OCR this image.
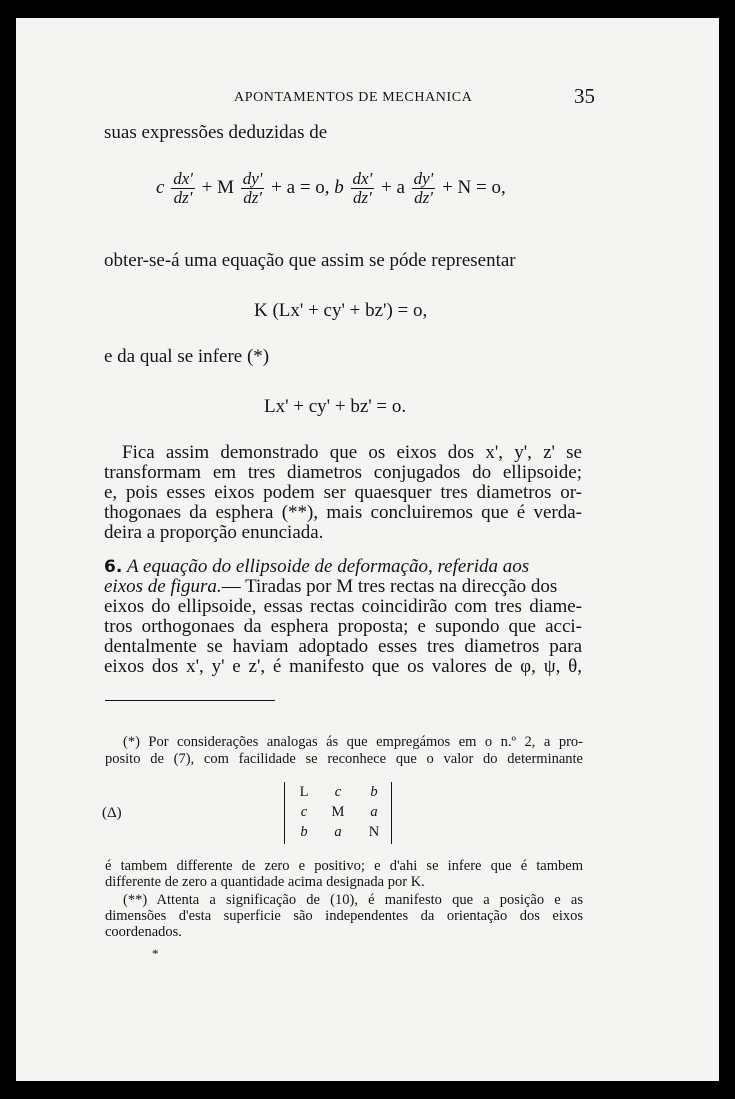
APONTAMENTOS DE MECHANICA	35
suas expressões deduzidas de
c $\frac{dx'}{dz'} + M \frac{dy'}{dz'} + a = o$, b $\frac{dx'}{dz'} + a \frac{dy'}{dz'} + N = o$,
obter-se-á uma equação que assim se póde representar
K (Lx' + cy' + bz') = o,
e da qual se infere (*)
Lx' + cy' + bz' = o.
Fica assim demonstrado que os eixos dos x', y', z' se
transformam em tres diametros conjugados do ellipsoide;
e, pois esses eixos podem ser quaesquer tres diametros or-
thogonaes da esphera (**), mais concluiremos que é verda-
deira a proporção enunciada.
6. A equação do ellipsoide de deformação, referida aos
eixos de figura.— Tiradas por M tres rectas na direcção dos
eixos do ellipsoide, essas rectas coincidirão com tres diame-
tros orthogonaes da esphera proposta; e supondo que acci-
dentalmente se haviam adoptado esses tres diametros para
eixos dos x', y' e z', é manifesto que os valores de φ, ψ, θ,
(*) Por considerações analogas ás que empregámos em o n.º 2, a pro-
posito de (7), com facilidade se reconhece que o valor do determinante
(Δ)
L	c	b
c	M	a
b	a	N
é tambem differente de zero e positivo; e d'ahi se infere que é tambem
differente de zero a quantidade acima designada por K.
(**) Attenta a significação de (10), é manifesto que a posição e as
dimensões d'esta superficie são independentes da orientação dos eixos
coordenados.
*
